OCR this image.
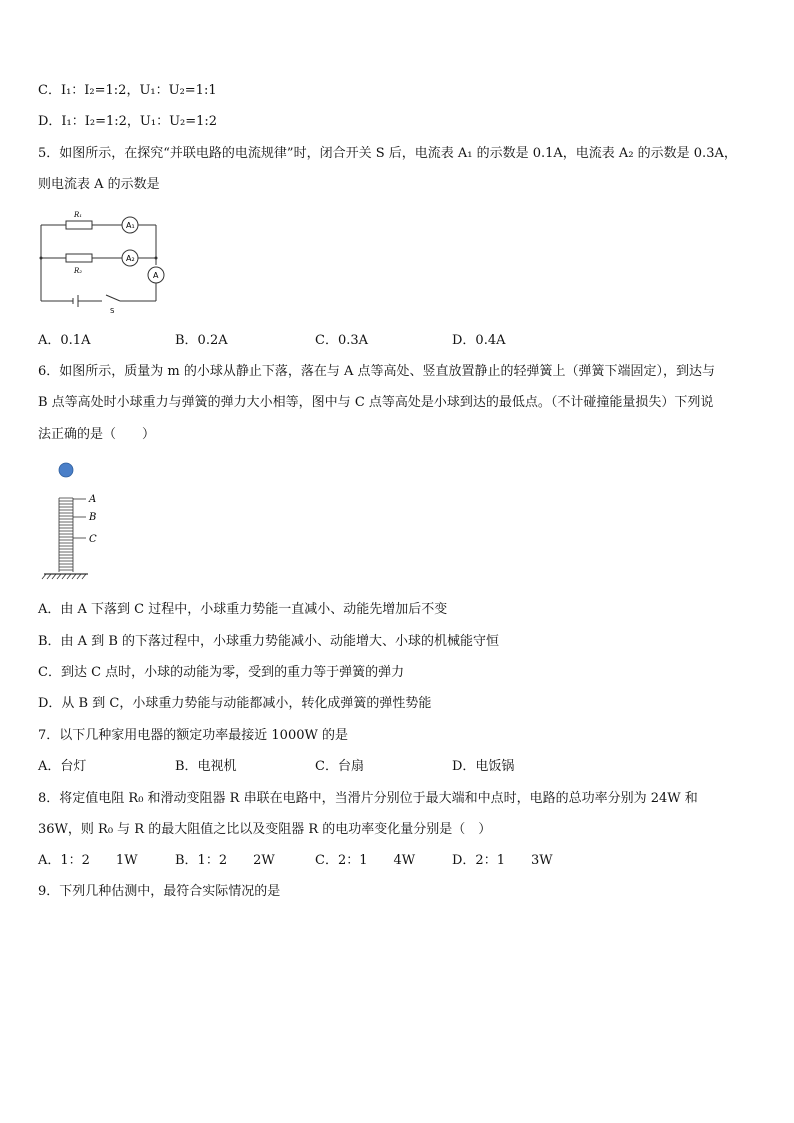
C．I₁：I₂=1:2，U₁：U₂=1:1
D．I₁：I₂=1:2，U₁：U₂=1:2
5．如图所示，在探究“并联电路的电流规律”时，闭合开关 S 后，电流表 A₁ 的示数是 0.1A，电流表 A₂ 的示数是 0.3A，
则电流表 A 的示数是
R₁
R₂
A₁
A₂
A
S
A．0.1A	B．0.2A	C．0.3A	D．0.4A
6．如图所示，质量为 m 的小球从静止下落，落在与 A 点等高处、竖直放置静止的轻弹簧上（弹簧下端固定），到达与
B 点等高处时小球重力与弹簧的弹力大小相等，图中与 C 点等高处是小球到达的最低点。（不计碰撞能量损失）下列说
法正确的是（　　）
A
B
C
A．由 A 下落到 C 过程中，小球重力势能一直减小、动能先增加后不变
B．由 A 到 B 的下落过程中，小球重力势能减小、动能增大、小球的机械能守恒
C．到达 C 点时，小球的动能为零，受到的重力等于弹簧的弹力
D．从 B 到 C，小球重力势能与动能都减小，转化成弹簧的弹性势能
7．以下几种家用电器的额定功率最接近 1000W 的是
A．台灯	B．电视机	C．台扇	D．电饭锅
8．将定值电阻 R₀ 和滑动变阻器 R 串联在电路中，当滑片分别位于最大端和中点时，电路的总功率分别为 24W 和
36W，则 R₀ 与 R 的最大阻值之比以及变阻器 R 的电功率变化量分别是（　）
A．1：2　　1W	B．1：2　　2W	C．2：1　　4W	D．2：1　　3W
9．下列几种估测中，最符合实际情况的是
